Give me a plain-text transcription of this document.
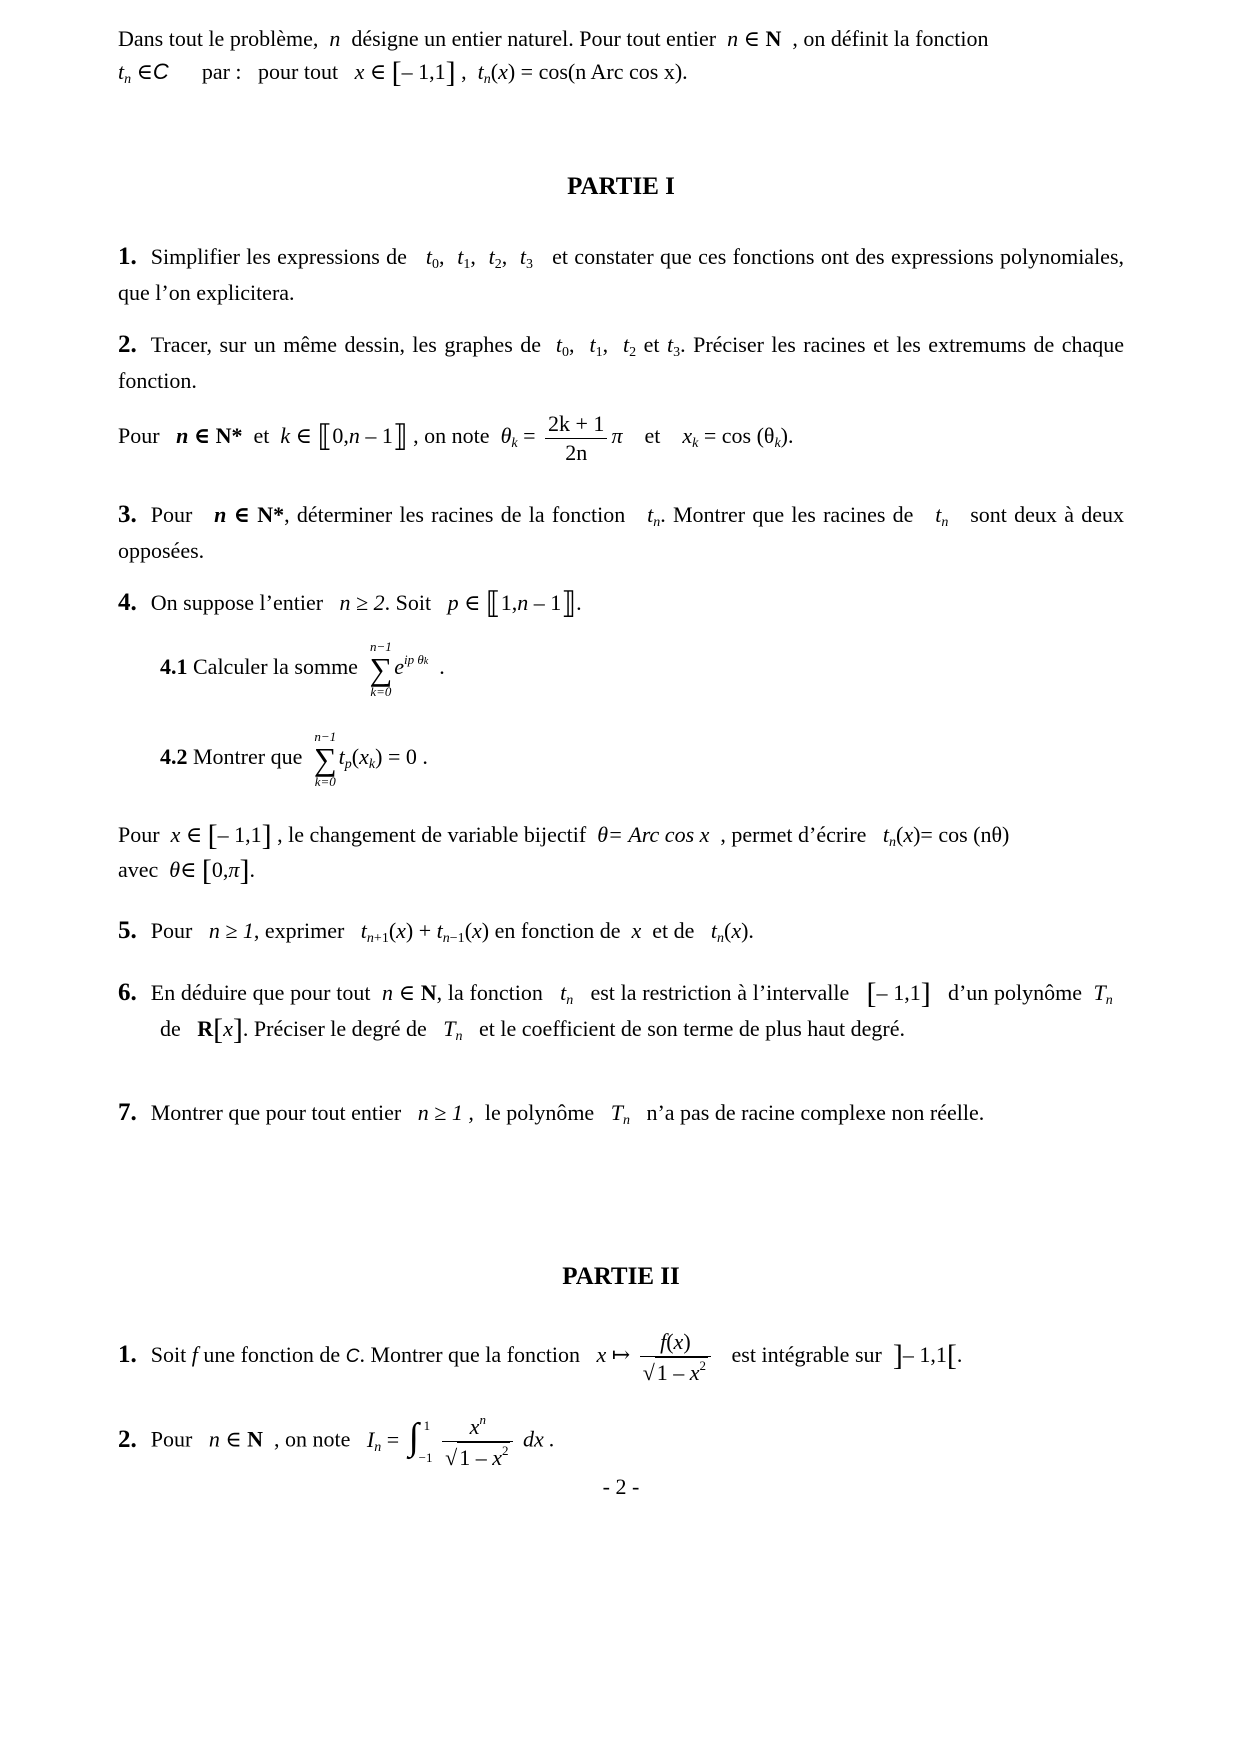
Dans tout le problème, n désigne un entier naturel. Pour tout entier n ∈ N , on définit la fonction
$t_n$ ∈C par : pour tout x ∈ [– 1,1] ,  $t_n(x) = \cos(n$ Arc cos x).
PARTIE I
1. Simplifier les expressions de $t_0$,  $t_1$,  $t_2$,  $t_3$ et constater que ces fonctions ont des expressions polynomiales, que l’on explicitera.
2. Tracer, sur un même dessin, les graphes de $t_0$,  $t_1$,  $t_2$ et $t_3$. Préciser les racines et les extremums de chaque fonction.
Pour n ∈ N* et k ∈ ⟦0,n – 1⟧ , on note $\theta_k = \frac{2k + 1}{2n}$ π et $x_k = \cos (\theta_k)$.
3. Pour n ∈ N*, déterminer les racines de la fonction $t_n$. Montrer que les racines de $t_n$ sont deux à deux opposées.
4. On suppose l’entier n ≥ 2. Soit p ∈ ⟦1,n – 1⟧.
4.1 Calculer la somme
n−1
∑
k=0
$e^{ip \theta k}$  .
4.2 Montrer que
n−1
∑
k=0
$t_p(x_k) = 0$ .
Pour x ∈ [– 1,1] , le changement de variable bijectif θ= Arc cos x , permet d’écrire $t_n(x)= \cos (n\theta)$
avec θ∈ [0,π].
5. Pour n ≥ 1, exprimer $t_{n+1}(x) + t_{n-1}(x)$ en fonction de x et de $t_n(x)$.
6. En déduire que pour tout n ∈ N, la fonction $t_n$ est la restriction à l’intervalle [– 1,1] d’un polynôme $T_n$   de R[x]. Préciser le degré de $T_n$ et le coefficient de son terme de plus haut degré.
7. Montrer que pour tout entier n ≥ 1 , le polynôme $T_n$ n’a pas de racine complexe non réelle.
PARTIE II
1. Soit f une fonction de C. Montrer que la fonction x ↦ $\frac{f(x)}{√1 - x^2}$ est intégrable sur ]– 1,1[.
2. Pour n ∈ N , on note $I_n$ = ∫ 1
−1
$\frac{x^n}{√1 - x^2}$ dx .
- 2 -
